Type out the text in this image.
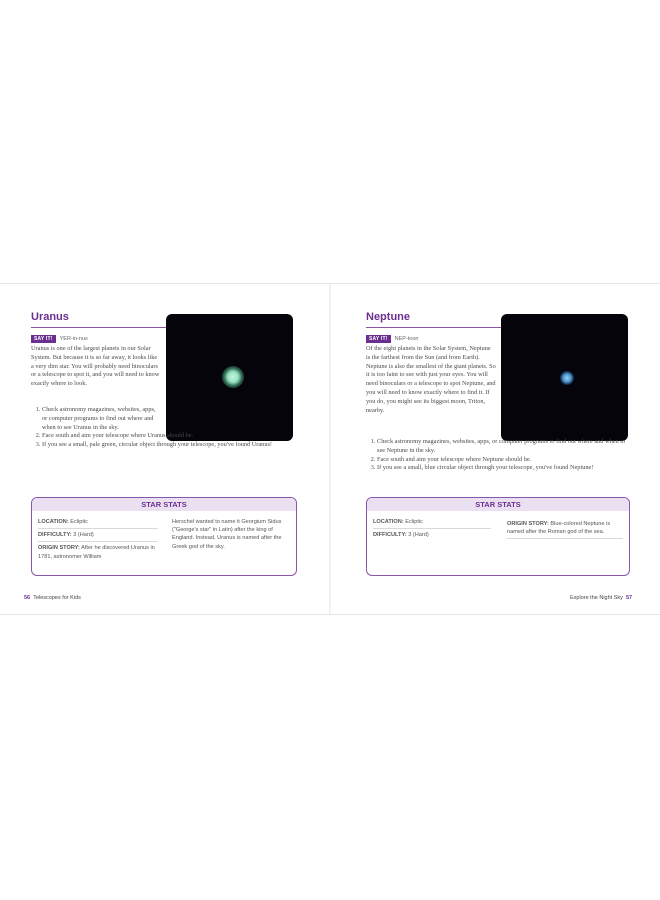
Uranus
SAY IT!	YER-in-nus

Uranus is one of the largest planets in our Solar System. But because it is so far away, it looks like a very dim star. You will probably need binoculars or a telescope to spot it, and you will need to know exactly where to look.

1. Check astronomy magazines, websites, apps, or computer programs to find out where and when to see Uranus in the sky.
2. Face south and aim your telescope where Uranus should be.
3. If you see a small, pale green, circular object through your telescope, you've found Uranus!
STAR STATS
LOCATION: Ecliptic
DIFFICULTY: 3 (Hard)
ORIGIN STORY: After he discovered Uranus in 1781, astronomer William
Herschel wanted to name it Georgium Sidus ("George's star" in Latin) after the king of England. Instead, Uranus is named after the Greek god of the sky.
56 Telescopes for Kids
Neptune
SAY IT!	NEP-toon

Of the eight planets in the Solar System, Neptune is the farthest from the Sun (and from Earth). Neptune is also the smallest of the giant planets. So it is too faint to see with just your eyes. You will need binoculars or a telescope to spot Neptune, and you will need to know exactly where to find it. If you do, you might see its biggest moon, Triton, nearby.

1. Check astronomy magazines, websites, apps, or computer programs to find out where and when to see Neptune in the sky.
2. Face south and aim your telescope where Neptune should be.
3. If you see a small, blue circular object through your telescope, you've found Neptune!
STAR STATS
LOCATION: Ecliptic
DIFFICULTY: 3 (Hard)
ORIGIN STORY: Blue-colored Neptune is named after the Roman god of the sea.
Explore the Night Sky 57
